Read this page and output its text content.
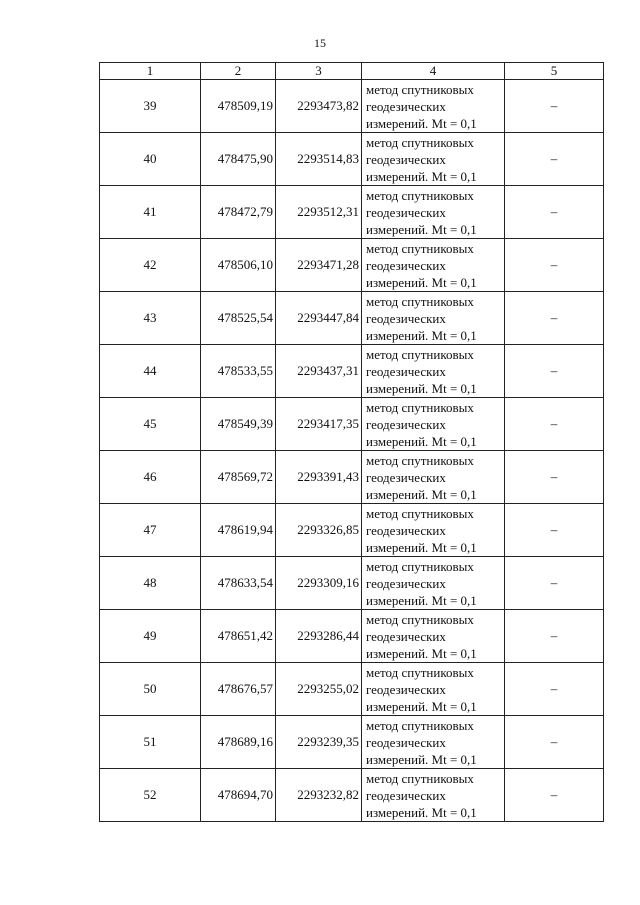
15
1	2	3	4	5
39	478509,19	2293473,82	метод спутниковых
геодезических
измерений. Mt = 0,1	–
40	478475,90	2293514,83	метод спутниковых
геодезических
измерений. Mt = 0,1	–
41	478472,79	2293512,31	метод спутниковых
геодезических
измерений. Mt = 0,1	–
42	478506,10	2293471,28	метод спутниковых
геодезических
измерений. Mt = 0,1	–
43	478525,54	2293447,84	метод спутниковых
геодезических
измерений. Mt = 0,1	–
44	478533,55	2293437,31	метод спутниковых
геодезических
измерений. Mt = 0,1	–
45	478549,39	2293417,35	метод спутниковых
геодезических
измерений. Mt = 0,1	–
46	478569,72	2293391,43	метод спутниковых
геодезических
измерений. Mt = 0,1	–
47	478619,94	2293326,85	метод спутниковых
геодезических
измерений. Mt = 0,1	–
48	478633,54	2293309,16	метод спутниковых
геодезических
измерений. Mt = 0,1	–
49	478651,42	2293286,44	метод спутниковых
геодезических
измерений. Mt = 0,1	–
50	478676,57	2293255,02	метод спутниковых
геодезических
измерений. Mt = 0,1	–
51	478689,16	2293239,35	метод спутниковых
геодезических
измерений. Mt = 0,1	–
52	478694,70	2293232,82	метод спутниковых
геодезических
измерений. Mt = 0,1	–
